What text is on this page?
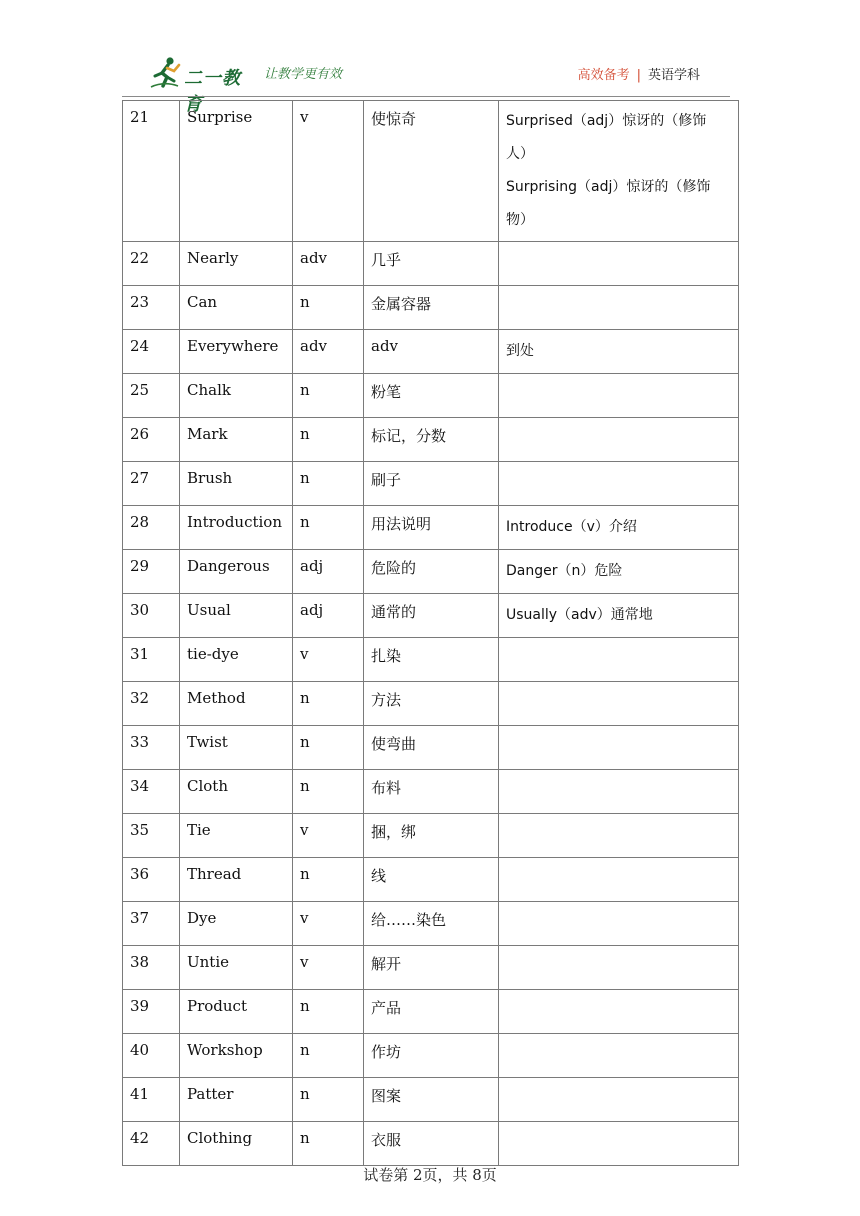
二一教育
让教学更有效	高效备考 | 英语学科
21	Surprise	v	使惊奇	Surprised（adj）惊讶的（修饰人）
Surprising（adj）惊讶的（修饰物）
22	Nearly	adv	几乎	
23	Can	n	金属容器	
24	Everywhere	adv	adv	到处
25	Chalk	n	粉笔	
26	Mark	n	标记，分数	
27	Brush	n	刷子	
28	Introduction	n	用法说明	Introduce（v）介绍
29	Dangerous	adj	危险的	Danger（n）危险
30	Usual	adj	通常的	Usually（adv）通常地
31	tie-dye	v	扎染	
32	Method	n	方法	
33	Twist	n	使弯曲	
34	Cloth	n	布料	
35	Tie	v	捆，绑	
36	Thread	n	线	
37	Dye	v	给……染色	
38	Untie	v	解开	
39	Product	n	产品	
40	Workshop	n	作坊	
41	Patter	n	图案	
42	Clothing	n	衣服	
试卷第 2页，共 8页
